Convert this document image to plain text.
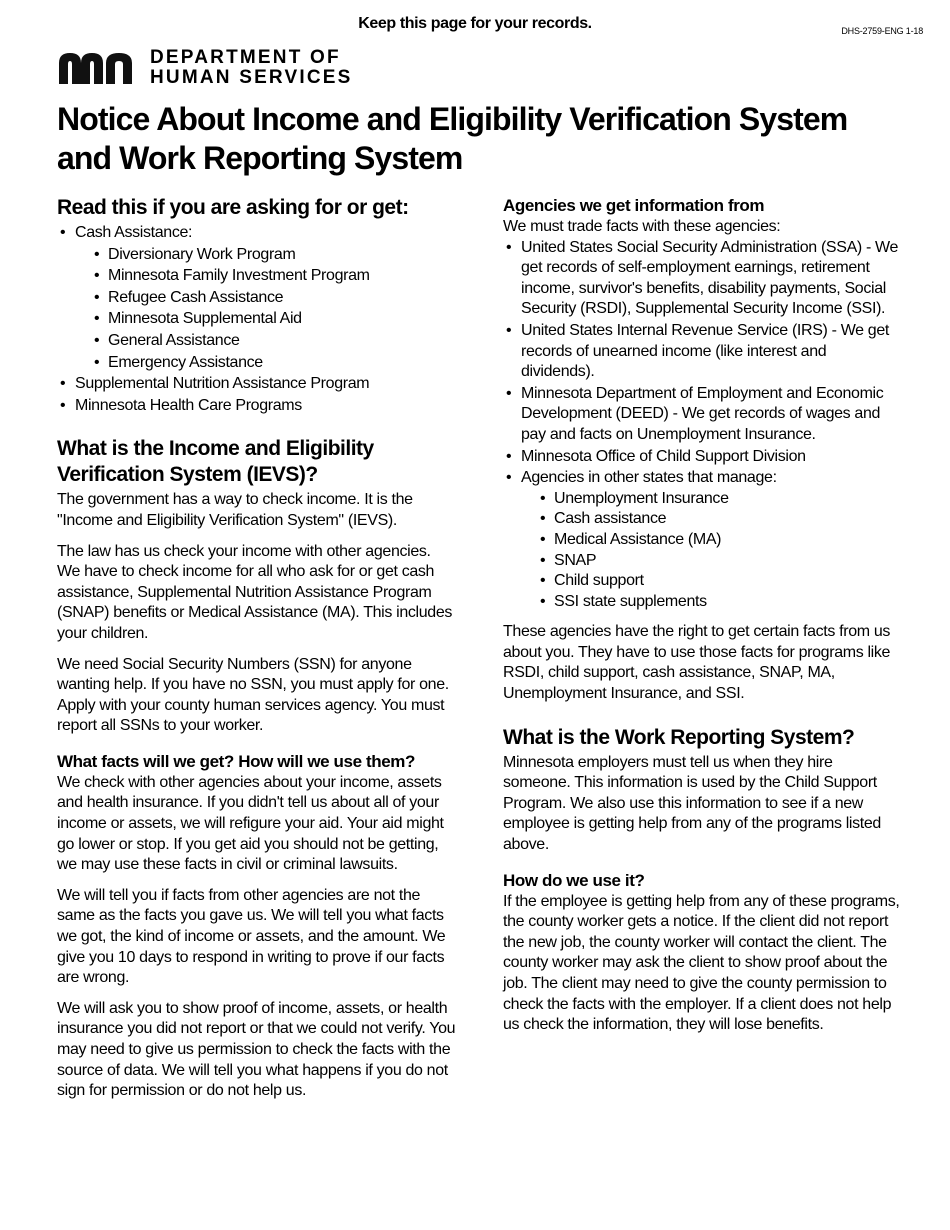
Keep this page for your records.	DHS-2759-ENG 1-18
DEPARTMENT OF
HUMAN SERVICES
Notice About Income and Eligibility Verification System
and Work Reporting System
Read this if you are asking for or get:
• Cash Assistance:
• Diversionary Work Program
• Minnesota Family Investment Program
• Refugee Cash Assistance
• Minnesota Supplemental Aid
• General Assistance
• Emergency Assistance
• Supplemental Nutrition Assistance Program
• Minnesota Health Care Programs
What is the Income and Eligibility
Verification System (IEVS)?

The government has a way to check income. It is the "Income and Eligibility Verification System" (IEVS).

The law has us check your income with other agencies. We have to check income for all who ask for or get cash assistance, Supplemental Nutrition Assistance Program (SNAP) benefits or Medical Assistance (MA). This includes your children.

We need Social Security Numbers (SSN) for anyone wanting help. If you have no SSN, you must apply for one. Apply with your county human services agency. You must report all SSNs to your worker.

What facts will we get? How will we use them?

We check with other agencies about your income, assets and health insurance. If you didn't tell us about all of your income or assets, we will refigure your aid. Your aid might go lower or stop. If you get aid you should not be getting, we may use these facts in civil or criminal lawsuits.

We will tell you if facts from other agencies are not the same as the facts you gave us. We will tell you what facts we got, the kind of income or assets, and the amount. We give you 10 days to respond in writing to prove if our facts are wrong.

We will ask you to show proof of income, assets, or health insurance you did not report or that we could not verify. You may need to give us permission to check the facts with the source of data. We will tell you what happens if you do not sign for permission or do not help us.

Agencies we get information from

We must trade facts with these agencies:

• United States Social Security Administration (SSA) - We get records of self-employment earnings, retirement income, survivor's benefits, disability payments, Social Security (RSDI), Supplemental Security Income (SSI).
• United States Internal Revenue Service (IRS) - We get records of unearned income (like interest and dividends).
• Minnesota Department of Employment and Economic Development (DEED) - We get records of wages and pay and facts on Unemployment Insurance.
• Minnesota Office of Child Support Division
• Agencies in other states that manage:
• Unemployment Insurance
• Cash assistance
• Medical Assistance (MA)
• SNAP
• Child support
• SSI state supplements

These agencies have the right to get certain facts from us about you. They have to use those facts for programs like RSDI, child support, cash assistance, SNAP, MA, Unemployment Insurance, and SSI.

What is the Work Reporting System?

Minnesota employers must tell us when they hire someone. This information is used by the Child Support Program. We also use this information to see if a new employee is getting help from any of the programs listed above.

How do we use it?

If the employee is getting help from any of these programs, the county worker gets a notice. If the client did not report the new job, the county worker will contact the client. The county worker may ask the client to show proof about the job. The client may need to give the county permission to check the facts with the employer. If a client does not help us check the information, they will lose benefits.
